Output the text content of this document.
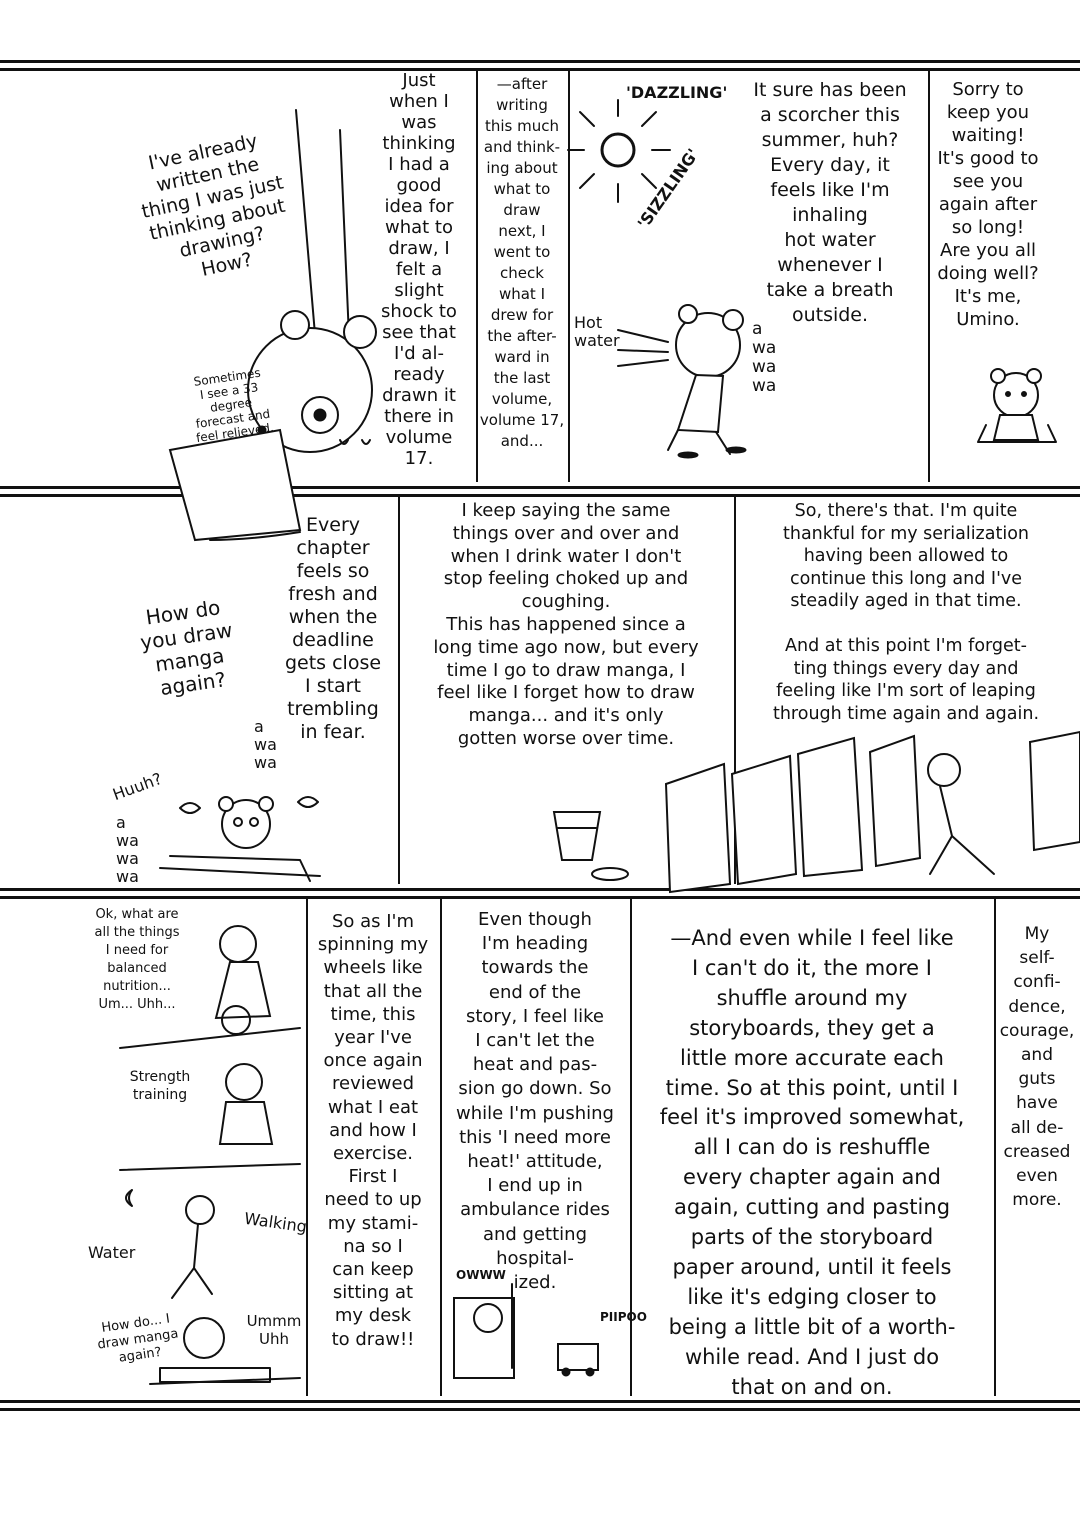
I've already
written the
thing I was just
thinking about
drawing?
How?
Sometimes
I see a 33
degree
forecast and
feel relieved.
Just
when I
was
thinking
I had a
good
idea for
what to
draw, I
felt a
slight
shock to
see that
I'd al-
ready
drawn it
there in
volume
17.
—after
writing
this much
and think-
ing about
what to
draw
next, I
went to
check
what I
drew for
the after-
ward in
the last
volume,
volume 17,
and...
'DAZZLING'
'SIZZLING'
Hot
water
a
wa
wa
wa
It sure has been
a scorcher this
summer, huh?
Every day, it
feels like I'm
inhaling
hot water
whenever I
take a breath
outside.
Sorry to
keep you
waiting!
It's good to
see you
again after
so long!
Are you all
doing well?
It's me,
Umino.
How do
you draw
manga
again?
Every
chapter
feels so
fresh and
when the
deadline
gets close
I start
trembling
in fear.
Huuh?
a
wa
wa
a
wa
wa
wa
I keep saying the same
things over and over and
when I drink water I don't
stop feeling choked up and
coughing.
This has happened since a
long time ago now, but every
time I go to draw manga, I
feel like I forget how to draw
manga... and it's only
gotten worse over time.
So, there's that. I'm quite
thankful for my serialization
having been allowed to
continue this long and I've
steadily aged in that time.

And at this point I'm forget-
ting things every day and
feeling like I'm sort of leaping
through time again and again.
Ok, what are
all the things
I need for
balanced
nutrition...
Um... Uhh...
Strength
training
Walking
Water
How do... I
draw manga
again?
Ummm
Uhh
So as I'm
spinning my
wheels like
that all the
time, this
year I've
once again
reviewed
what I eat
and how I
exercise.
First I
need to up
my stami-
na so I
can keep
sitting at
my desk
to draw!!
Even though
I'm heading
towards the
end of the
story, I feel like
I can't let the
heat and pas-
sion go down. So
while I'm pushing
this 'I need more
heat!' attitude,
I end up in
ambulance rides
and getting
hospital-
ized.
OWWW
PIIPOO
—And even while I feel like
I can't do it, the more I
shuffle around my
storyboards, they get a
little more accurate each
time. So at this point, until I
feel it's improved somewhat,
all I can do is reshuffle
every chapter again and
again, cutting and pasting
parts of the storyboard
paper around, until it feels
like it's edging closer to
being a little bit of a worth-
while read. And I just do
that on and on.
My
self-
confi-
dence,
courage,
and
guts
have
all de-
creased
even
more.
